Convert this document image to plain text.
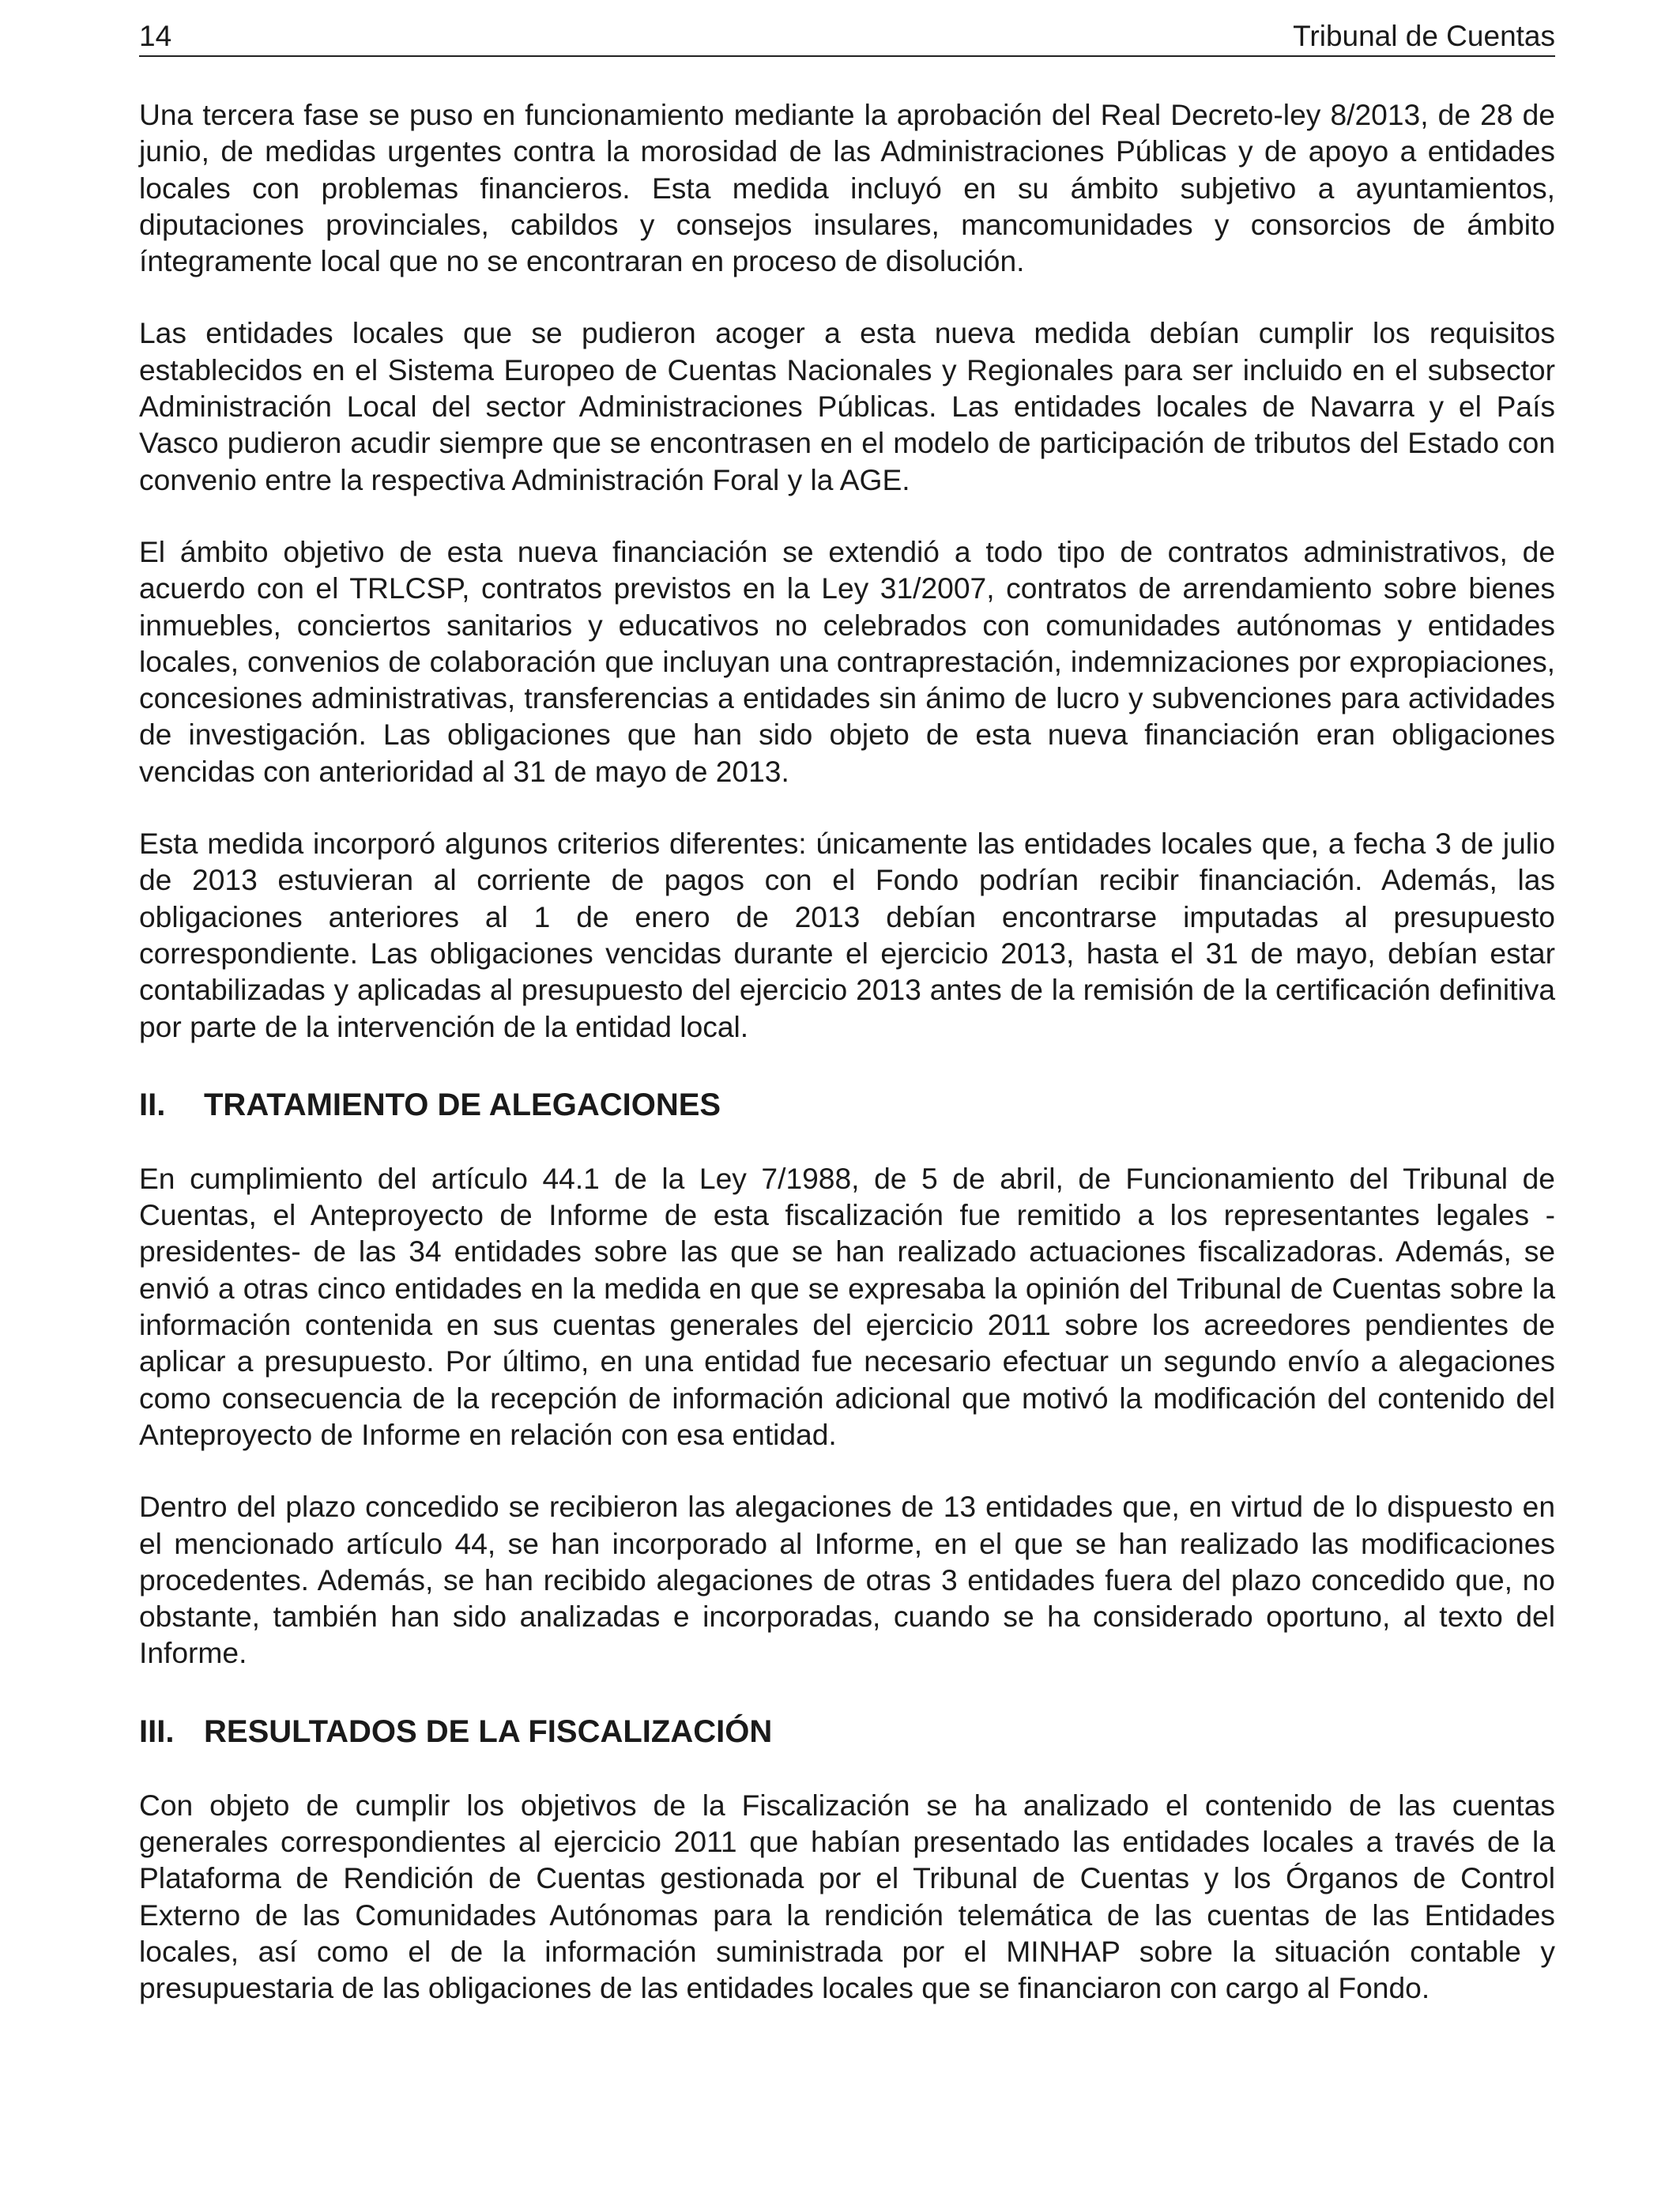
14	Tribunal de Cuentas

Una tercera fase se puso en funcionamiento mediante la aprobación del Real Decreto-ley 8/2013, de 28 de junio, de medidas urgentes contra la morosidad de las Administraciones Públicas y de apoyo a entidades locales con problemas financieros. Esta medida incluyó en su ámbito subjetivo a ayuntamientos, diputaciones provinciales, cabildos y consejos insulares, mancomunidades y consorcios de ámbito íntegramente local que no se encontraran en proceso de disolución.

Las entidades locales que se pudieron acoger a esta nueva medida debían cumplir los requisitos establecidos en el Sistema Europeo de Cuentas Nacionales y Regionales para ser incluido en el subsector Administración Local del sector Administraciones Públicas. Las entidades locales de Navarra y el País Vasco pudieron acudir siempre que se encontrasen en el modelo de participación de tributos del Estado con convenio entre la respectiva Administración Foral y la AGE.

El ámbito objetivo de esta nueva financiación se extendió a todo tipo de contratos administrativos, de acuerdo con el TRLCSP, contratos previstos en la Ley 31/2007, contratos de arrendamiento sobre bienes inmuebles, conciertos sanitarios y educativos no celebrados con comunidades autónomas y entidades locales, convenios de colaboración que incluyan una contraprestación, indemnizaciones por expropiaciones, concesiones administrativas, transferencias a entidades sin ánimo de lucro y subvenciones para actividades de investigación. Las obligaciones que han sido objeto de esta nueva financiación eran obligaciones vencidas con anterioridad al 31 de mayo de 2013.

Esta medida incorporó algunos criterios diferentes: únicamente las entidades locales que, a fecha 3 de julio de 2013 estuvieran al corriente de pagos con el Fondo podrían recibir financiación. Además, las obligaciones anteriores al 1 de enero de 2013 debían encontrarse imputadas al presupuesto correspondiente. Las obligaciones vencidas durante el ejercicio 2013, hasta el 31 de mayo, debían estar contabilizadas y aplicadas al presupuesto del ejercicio 2013 antes de la remisión de la certificación definitiva por parte de la intervención de la entidad local.

II. TRATAMIENTO DE ALEGACIONES

En cumplimiento del artículo 44.1 de la Ley 7/1988, de 5 de abril, de Funcionamiento del Tribunal de Cuentas, el Anteproyecto de Informe de esta fiscalización fue remitido a los representantes legales -presidentes- de las 34 entidades sobre las que se han realizado actuaciones fiscalizadoras. Además, se envió a otras cinco entidades en la medida en que se expresaba la opinión del Tribunal de Cuentas sobre la información contenida en sus cuentas generales del ejercicio 2011 sobre los acreedores pendientes de aplicar a presupuesto. Por último, en una entidad fue necesario efectuar un segundo envío a alegaciones como consecuencia de la recepción de información adicional que motivó la modificación del contenido del Anteproyecto de Informe en relación con esa entidad.

Dentro del plazo concedido se recibieron las alegaciones de 13 entidades que, en virtud de lo dispuesto en el mencionado artículo 44, se han incorporado al Informe, en el que se han realizado las modificaciones procedentes. Además, se han recibido alegaciones de otras 3 entidades fuera del plazo concedido que, no obstante, también han sido analizadas e incorporadas, cuando se ha considerado oportuno, al texto del Informe.

III. RESULTADOS DE LA FISCALIZACIÓN

Con objeto de cumplir los objetivos de la Fiscalización se ha analizado el contenido de las cuentas generales correspondientes al ejercicio 2011 que habían presentado las entidades locales a través de la Plataforma de Rendición de Cuentas gestionada por el Tribunal de Cuentas y los Órganos de Control Externo de las Comunidades Autónomas para la rendición telemática de las cuentas de las Entidades locales, así como el de la información suministrada por el MINHAP sobre la situación contable y presupuestaria de las obligaciones de las entidades locales que se financiaron con cargo al Fondo.
